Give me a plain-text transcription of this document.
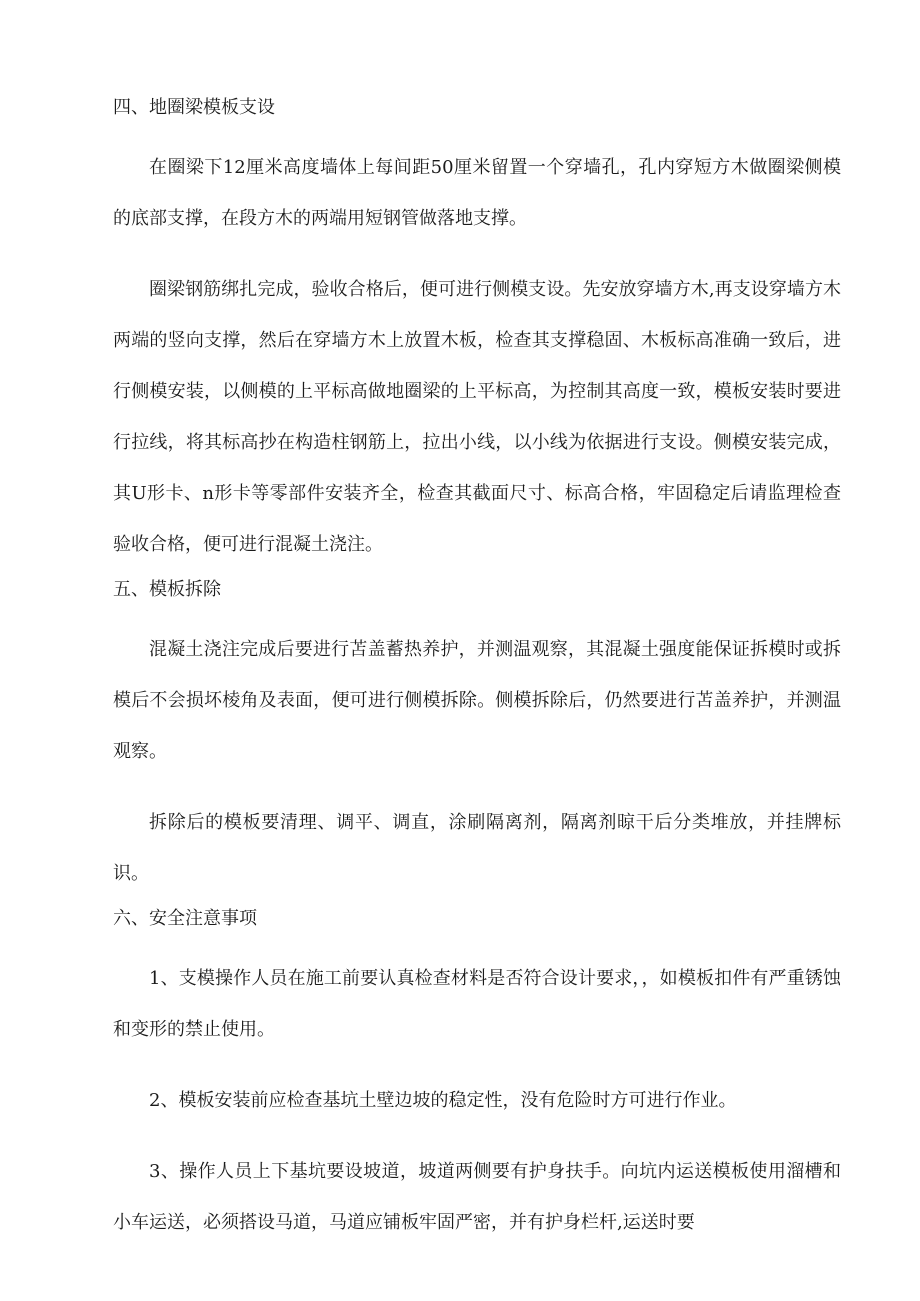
四、地圈梁模板支设

在圈梁下12厘米高度墙体上每间距50厘米留置一个穿墙孔，孔内穿短方木做圈梁侧模的底部支撑，在段方木的两端用短钢管做落地支撑。

圈梁钢筋绑扎完成，验收合格后，便可进行侧模支设。先安放穿墙方木,再支设穿墙方木两端的竖向支撑，然后在穿墙方木上放置木板，检查其支撑稳固、木板标高准确一致后，进行侧模安装，以侧模的上平标高做地圈梁的上平标高，为控制其高度一致，模板安装时要进行拉线，将其标高抄在构造柱钢筋上，拉出小线，以小线为依据进行支设。侧模安装完成，其U形卡、n形卡等零部件安装齐全，检查其截面尺寸、标高合格，牢固稳定后请监理检查验收合格，便可进行混凝土浇注。

五、模板拆除

混凝土浇注完成后要进行苫盖蓄热养护，并测温观察，其混凝土强度能保证拆模时或拆模后不会损坏棱角及表面，便可进行侧模拆除。侧模拆除后，仍然要进行苫盖养护，并测温观察。

拆除后的模板要清理、调平、调直，涂刷隔离剂，隔离剂晾干后分类堆放，并挂牌标识。

六、安全注意事项

1、支模操作人员在施工前要认真检查材料是否符合设计要求，，如模板扣件有严重锈蚀和变形的禁止使用。

2、模板安装前应检查基坑土壁边坡的稳定性，没有危险时方可进行作业。

3、操作人员上下基坑要设坡道，坡道两侧要有护身扶手。向坑内运送模板使用溜槽和小车运送，必须搭设马道，马道应铺板牢固严密，并有护身栏杆,运送时要
